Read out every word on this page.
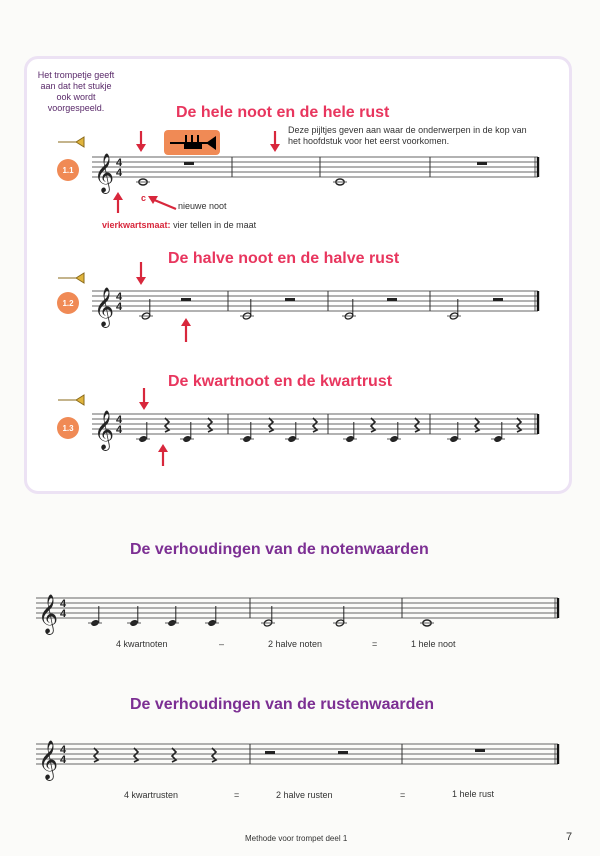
Het trompetje geeft aan dat het stukje ook wordt voorgespeeld.
Deze pijltjes geven aan waar de onderwerpen in de kop van het hoofdstuk voor het eerst voorkomen.
De hele noot en de hele rust
De halve noot en de halve rust
De kwartnoot en de kwartrust
1.1
1.2
1.3
c
nieuwe noot
vierkwartsmaat: vier tellen in de maat
De verhoudingen van de notenwaarden
De verhoudingen van de rustenwaarden
4 kwartnoten	–	2 halve noten	=	1 hele noot
4 kwartrusten	=	2 halve rusten	=	1 hele rust
Methode voor trompet deel 1	7
𝄞 4
4
𝄞 4
4
𝄞 4
4
𝄞 4
4
𝄞 4
4
